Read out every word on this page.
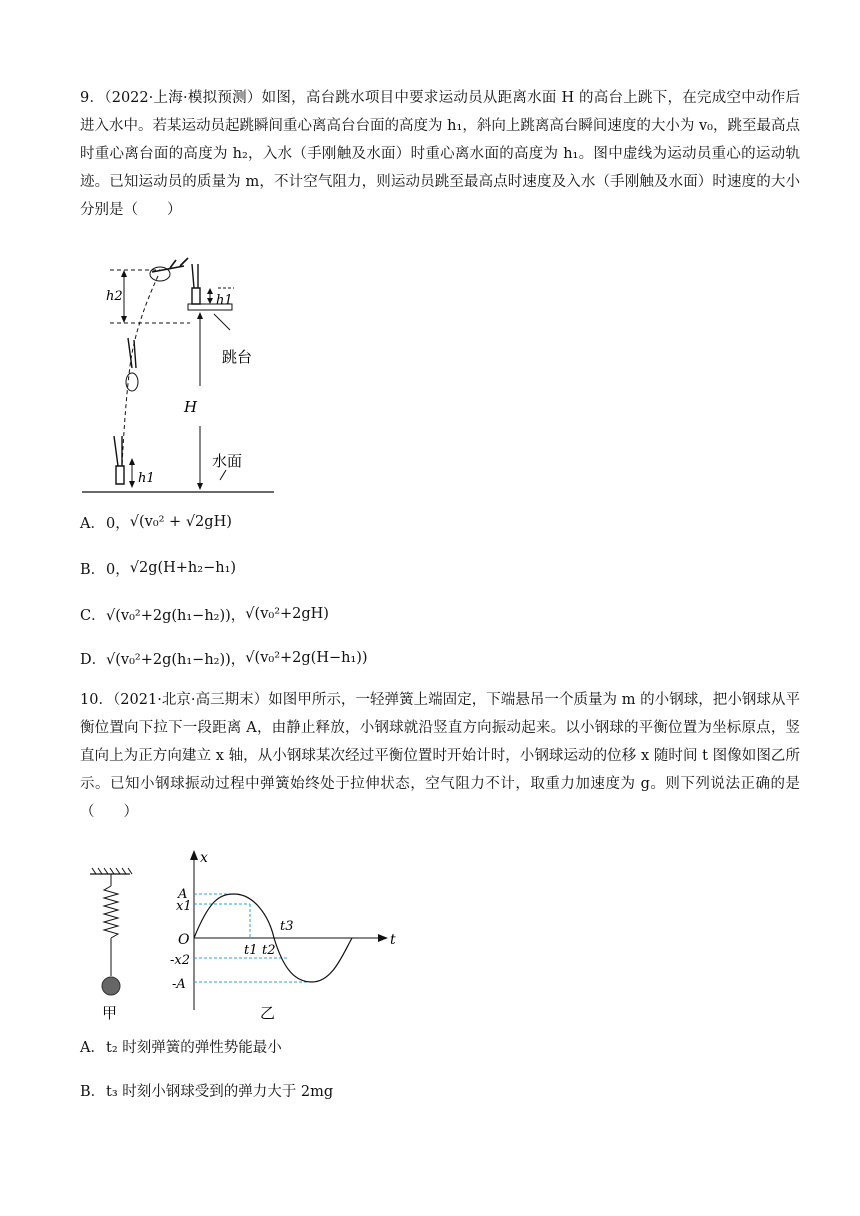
9．（2022·上海·模拟预测）如图，高台跳水项目中要求运动员从距离水面 H 的高台上跳下，在完成空中动作后进入水中。若某运动员起跳瞬间重心离高台台面的高度为 h₁，斜向上跳离高台瞬间速度的大小为 v₀，跳至最高点时重心离台面的高度为 h₂，入水（手刚触及水面）时重心离水面的高度为 h₁。图中虚线为运动员重心的运动轨迹。已知运动员的质量为 m，不计空气阻力，则运动员跳至最高点时速度及入水（手刚触及水面）时速度的大小分别是（　　）

h2	h1
跳台
H
水面
h1
A． 0， √(v₀² + √2gH)
B． 0， √2g(H+h₂−h₁)
C． √(v₀²+2g(h₁−h₂))， √(v₀²+2gH)
D． √(v₀²+2g(h₁−h₂))， √(v₀²+2g(H−h₁))

10．（2021·北京·高三期末）如图甲所示，一轻弹簧上端固定，下端悬吊一个质量为 m 的小钢球，把小钢球从平衡位置向下拉下一段距离 A，由静止释放，小钢球就沿竖直方向振动起来。以小钢球的平衡位置为坐标原点，竖直向上为正方向建立 x 轴，从小钢球某次经过平衡位置时开始计时，小钢球运动的位移 x 随时间 t 图像如图乙所示。已知小钢球振动过程中弹簧始终处于拉伸状态，空气阻力不计，取重力加速度为 g。则下列说法正确的是（　　）

甲
x
t
O
A
x1
-x2
-A
t1 t2
t3
乙
A． t₂ 时刻弹簧的弹性势能最小
B． t₃ 时刻小钢球受到的弹力大于 2mg
